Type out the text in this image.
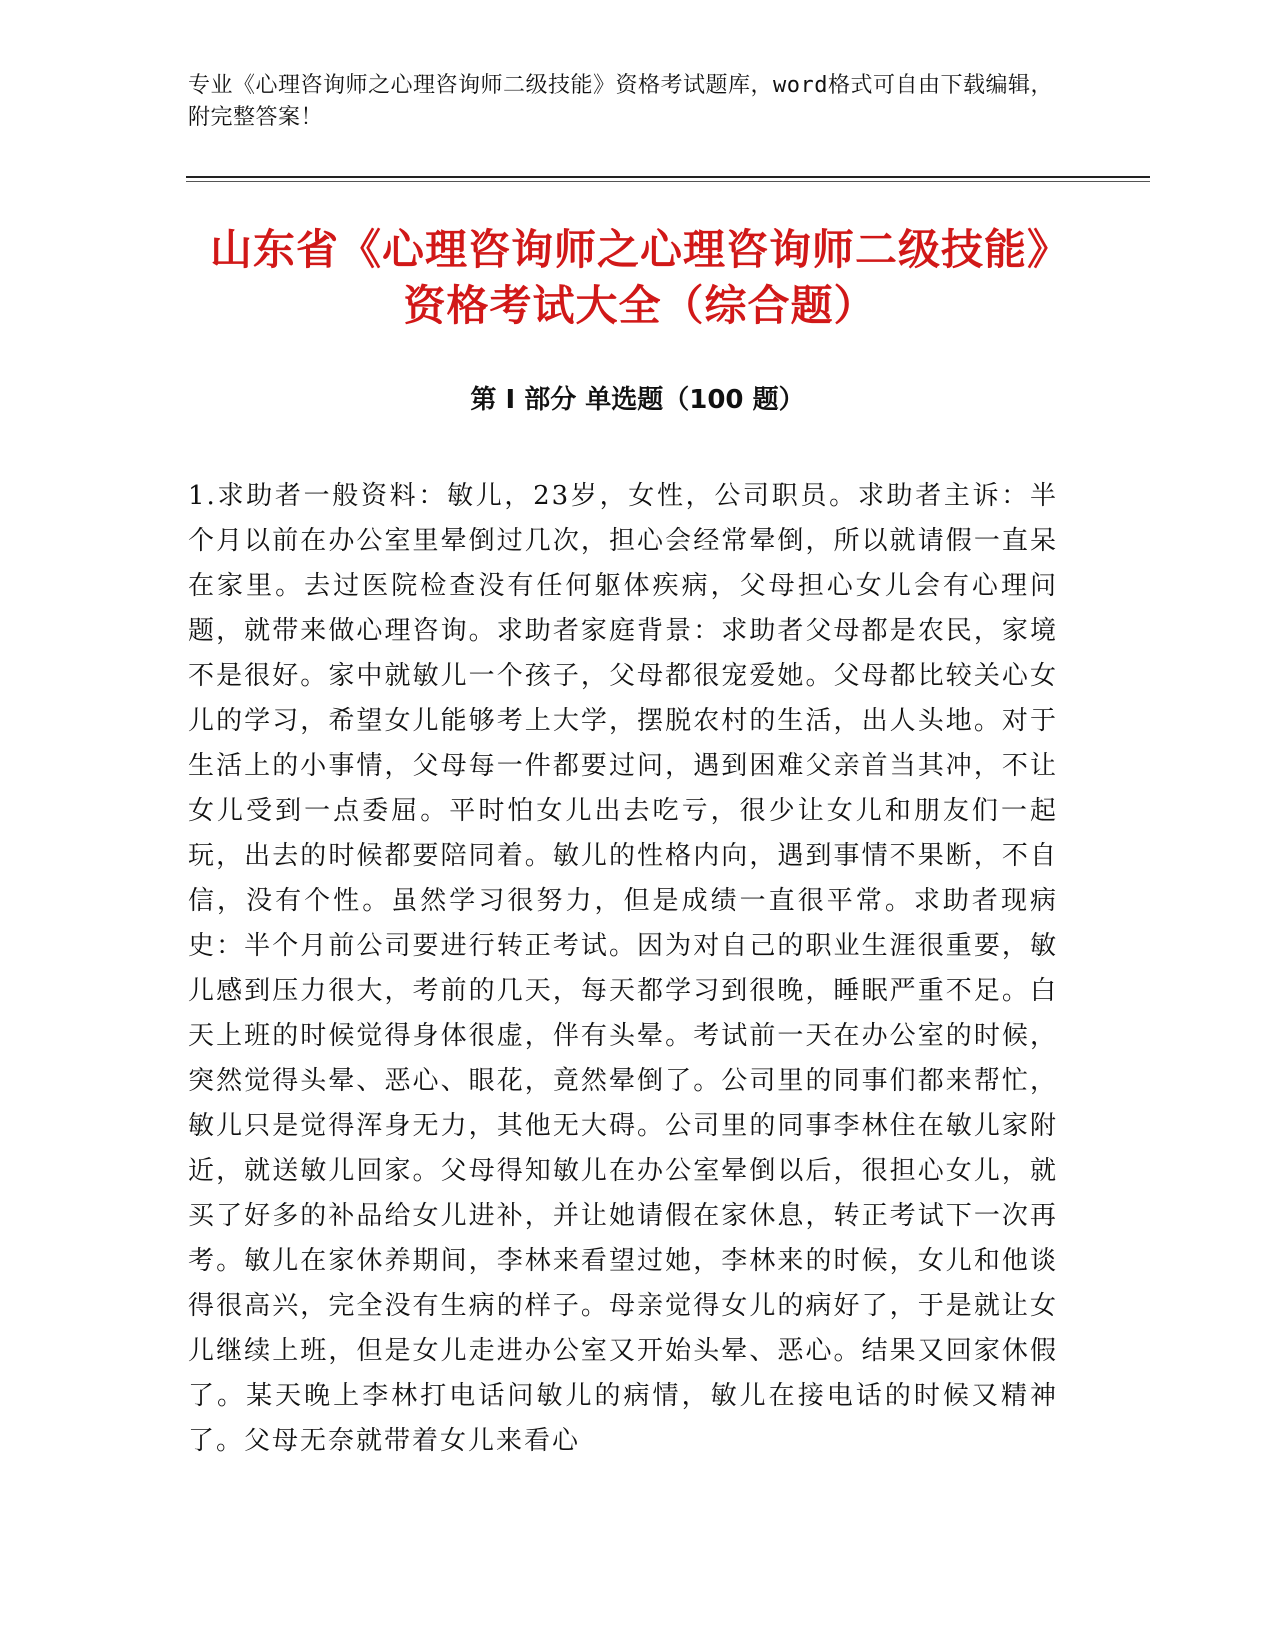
专业《心理咨询师之心理咨询师二级技能》资格考试题库，word格式可自由下载编辑，附完整答案！
山东省《心理咨询师之心理咨询师二级技能》资格考试大全（综合题）
第 I 部分 单选题（100 题）
1.求助者一般资料：敏儿，23岁，女性，公司职员。求助者主诉：半个月以前在办公室里晕倒过几次，担心会经常晕倒，所以就请假一直呆在家里。去过医院检查没有任何躯体疾病，父母担心女儿会有心理问题，就带来做心理咨询。求助者家庭背景：求助者父母都是农民，家境不是很好。家中就敏儿一个孩子，父母都很宠爱她。父母都比较关心女儿的学习，希望女儿能够考上大学，摆脱农村的生活，出人头地。对于生活上的小事情，父母每一件都要过问，遇到困难父亲首当其冲，不让女儿受到一点委屈。平时怕女儿出去吃亏，很少让女儿和朋友们一起玩，出去的时候都要陪同着。敏儿的性格内向，遇到事情不果断，不自信，没有个性。虽然学习很努力，但是成绩一直很平常。求助者现病史：半个月前公司要进行转正考试。因为对自己的职业生涯很重要，敏儿感到压力很大，考前的几天，每天都学习到很晚，睡眠严重不足。白天上班的时候觉得身体很虚，伴有头晕。考试前一天在办公室的时候，突然觉得头晕、恶心、眼花，竟然晕倒了。公司里的同事们都来帮忙，敏儿只是觉得浑身无力，其他无大碍。公司里的同事李林住在敏儿家附近，就送敏儿回家。父母得知敏儿在办公室晕倒以后，很担心女儿，就买了好多的补品给女儿进补，并让她请假在家休息，转正考试下一次再考。敏儿在家休养期间，李林来看望过她，李林来的时候，女儿和他谈得很高兴，完全没有生病的样子。母亲觉得女儿的病好了，于是就让女儿继续上班，但是女儿走进办公室又开始头晕、恶心。结果又回家休假了。某天晚上李林打电话问敏儿的病情，敏儿在接电话的时候又精神了。父母无奈就带着女儿来看心
